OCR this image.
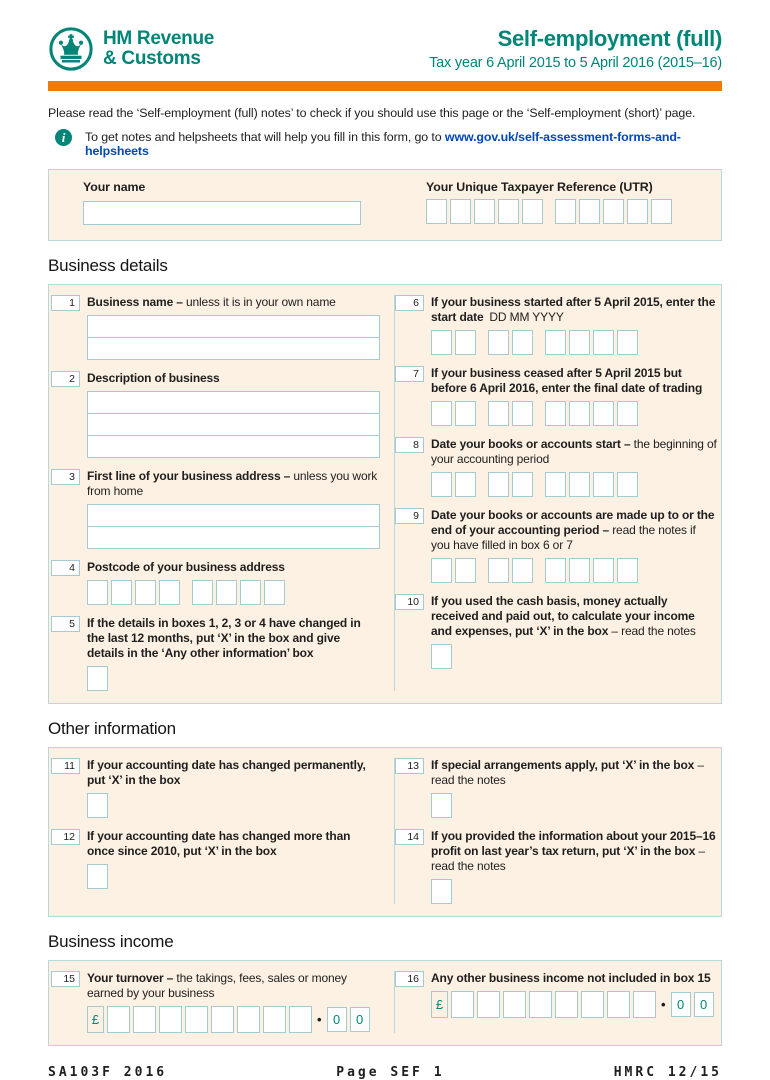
HM Revenue
& Customs
Self-employment (full)
Tax year 6 April 2015 to 5 April 2016 (2015–16)
Please read the ‘Self-employment (full) notes’ to check if you should use this page or the ‘Self-employment (short)’ page.
i	To get notes and helpsheets that will help you fill in this form, go to www.gov.uk/self-assessment-forms-and-helpsheets
Your name	Your Unique Taxpayer Reference (UTR)
Business details
1	Business name – unless it is in your own name
2	Description of business
3	First line of your business address – unless you work from home
4	Postcode of your business address
5	If the details in boxes 1, 2, 3 or 4 have changed in the last 12 months, put ‘X’ in the box and give details in the ‘Any other information’ box
6	If your business started after 5 April 2015, enter the start date DD MM YYYY
7	If your business ceased after 5 April 2015 but before 6 April 2016, enter the final date of trading
8	Date your books or accounts start – the beginning of your accounting period
9	Date your books or accounts are made up to or the end of your accounting period – read the notes if you have filled in box 6 or 7
10	If you used the cash basis, money actually received and paid out, to calculate your income and expenses, put ‘X’ in the box – read the notes
Other information
11	If your accounting date has changed permanently, put ‘X’ in the box
12	If your accounting date has changed more than once since 2010, put ‘X’ in the box
13	If special arrangements apply, put ‘X’ in the box – read the notes
14	If you provided the information about your 2015–16 profit on last year’s tax return, put ‘X’ in the box – read the notes
Business income
15	Your turnover – the takings, fees, sales or money earned by your business
£	• 0	0
16	Any other business income not included in box 15
£	• 0	0
SA103F 2016	Page SEF 1	HMRC 12/15
